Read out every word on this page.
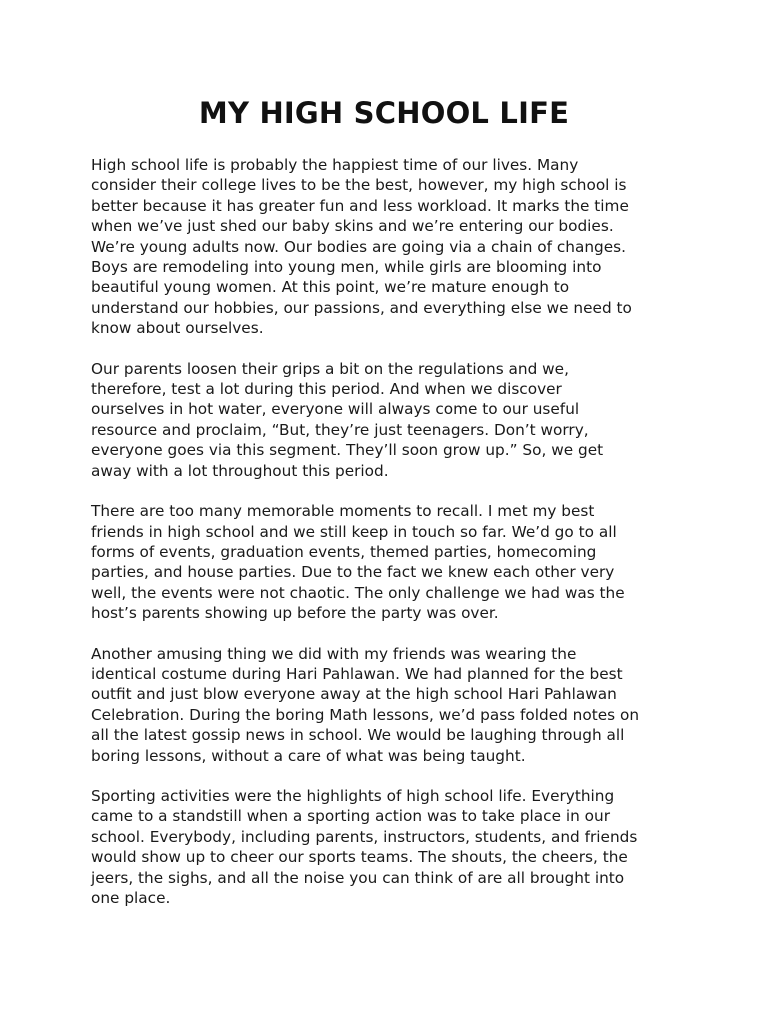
MY HIGH SCHOOL LIFE

High school life is probably the happiest time of our lives. Many
consider their college lives to be the best, however, my high school is
better because it has greater fun and less workload. It marks the time
when we’ve just shed our baby skins and we’re entering our bodies.
We’re young adults now. Our bodies are going via a chain of changes.
Boys are remodeling into young men, while girls are blooming into
beautiful young women. At this point, we’re mature enough to
understand our hobbies, our passions, and everything else we need to
know about ourselves.

Our parents loosen their grips a bit on the regulations and we,
therefore, test a lot during this period. And when we discover
ourselves in hot water, everyone will always come to our useful
resource and proclaim, “But, they’re just teenagers. Don’t worry,
everyone goes via this segment. They’ll soon grow up.” So, we get
away with a lot throughout this period.

There are too many memorable moments to recall. I met my best
friends in high school and we still keep in touch so far. We’d go to all
forms of events, graduation events, themed parties, homecoming
parties, and house parties. Due to the fact we knew each other very
well, the events were not chaotic. The only challenge we had was the
host’s parents showing up before the party was over.

Another amusing thing we did with my friends was wearing the
identical costume during Hari Pahlawan. We had planned for the best
outfit and just blow everyone away at the high school Hari Pahlawan
Celebration. During the boring Math lessons, we’d pass folded notes on
all the latest gossip news in school. We would be laughing through all
boring lessons, without a care of what was being taught.

Sporting activities were the highlights of high school life. Everything
came to a standstill when a sporting action was to take place in our
school. Everybody, including parents, instructors, students, and friends
would show up to cheer our sports teams. The shouts, the cheers, the
jeers, the sighs, and all the noise you can think of are all brought into
one place.
